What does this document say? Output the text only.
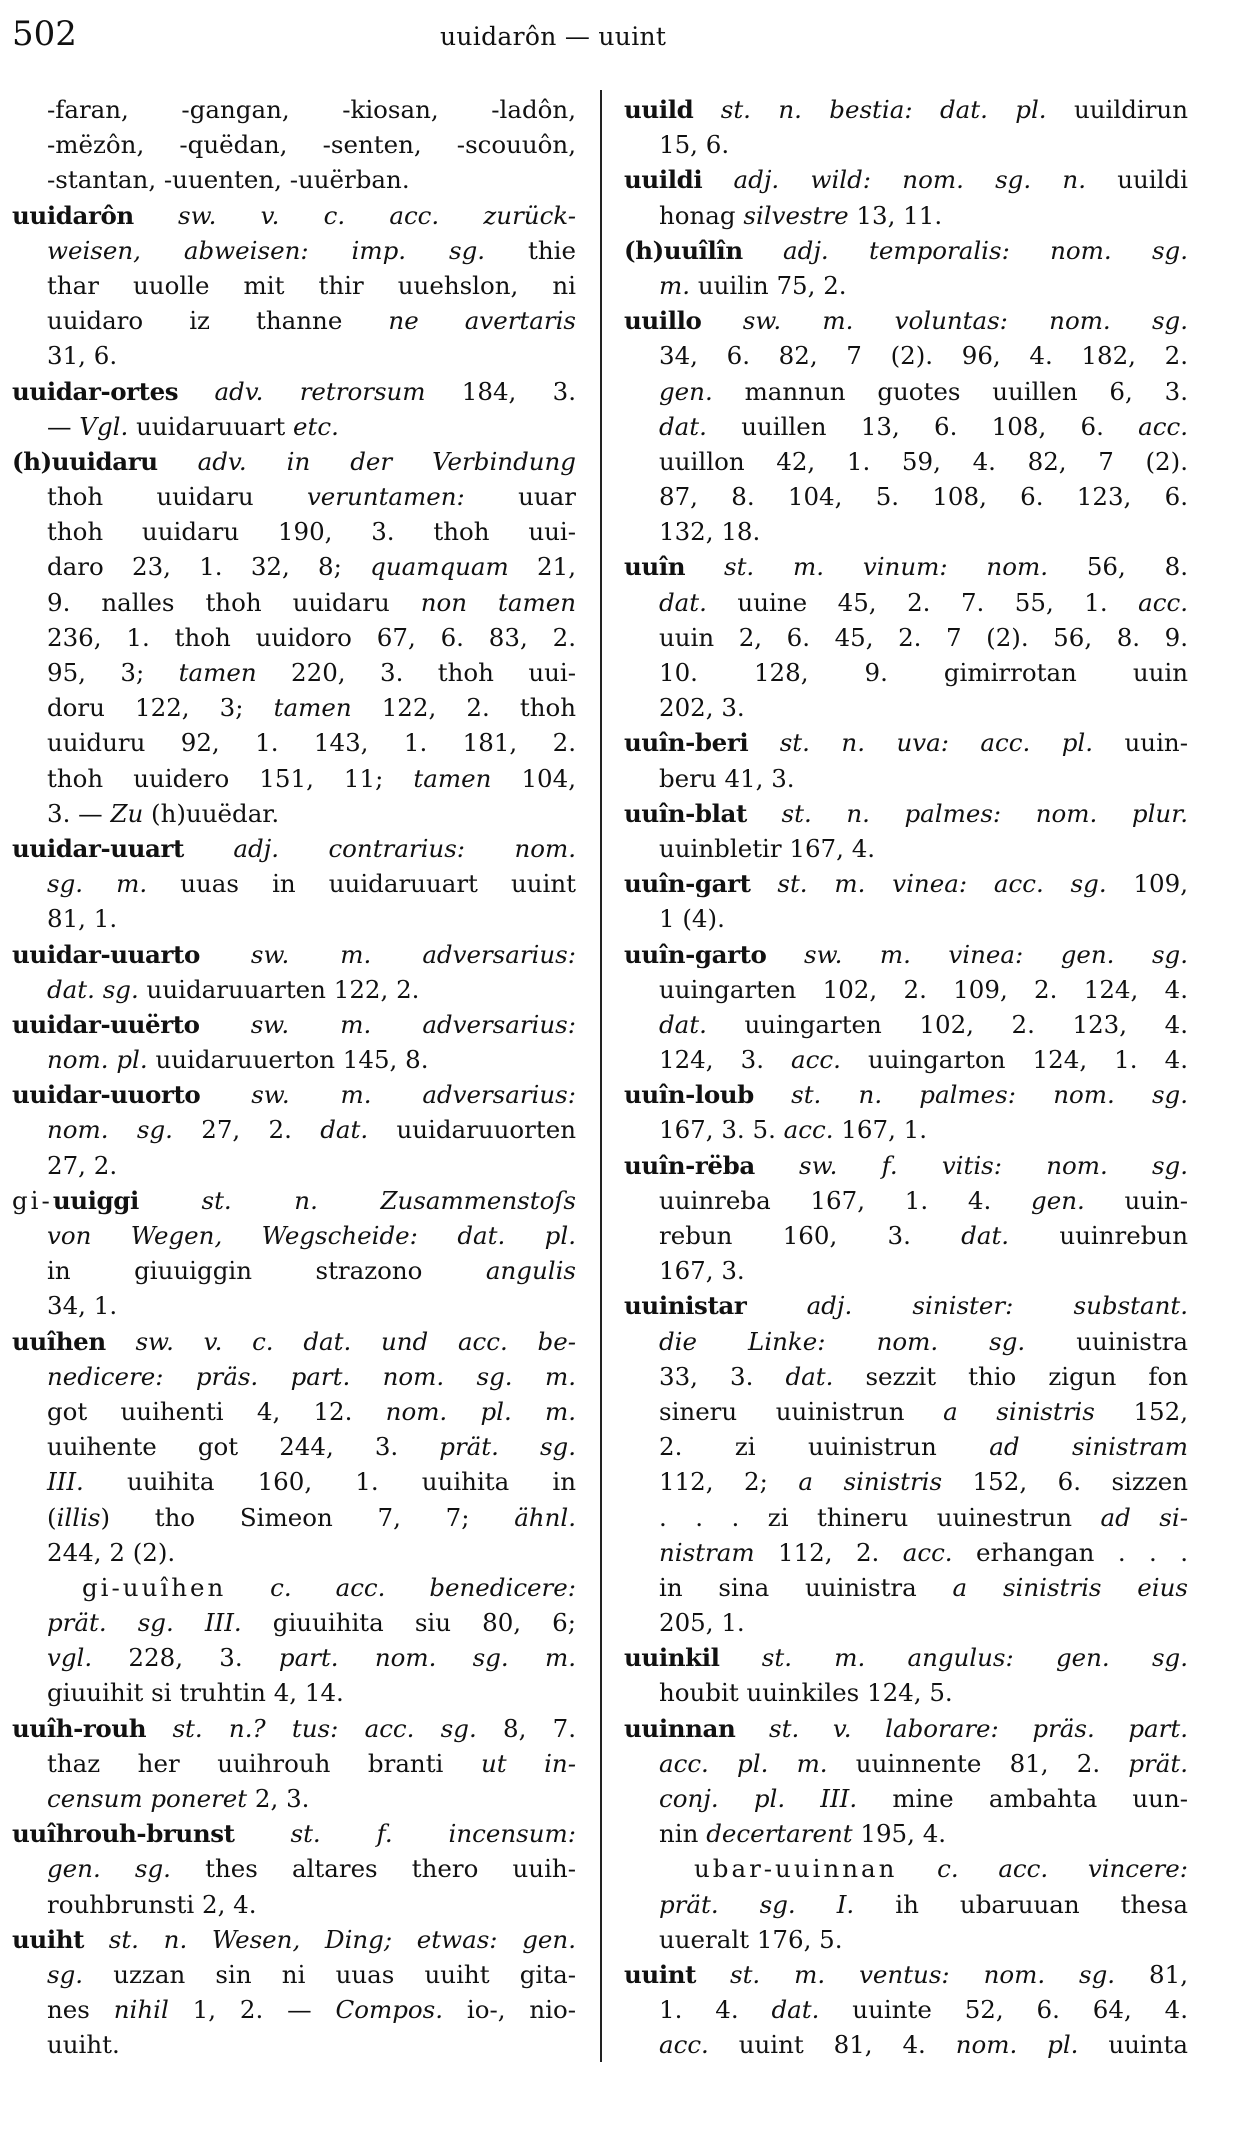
502	uuidarôn — uuint
-faran, -gangan, -kiosan, -ladôn,
-mëzôn, -quëdan, -senten, -scouuôn,
-stantan, -uuenten, -uuërban.
uuidarôn sw. v. c. acc. zurück-
weisen, abweisen: imp. sg. thie
thar uuolle mit thir uuehslon, ni
uuidaro iz thanne ne avertaris
31, 6.
uuidar-ortes adv. retrorsum 184, 3.
— Vgl. uuidaruuart etc.
(h)uuidaru adv. in der Verbindung
thoh uuidaru veruntamen: uuar
thoh uuidaru 190, 3. thoh uui-
daro 23, 1. 32, 8; quamquam 21,
9. nalles thoh uuidaru non tamen
236, 1. thoh uuidoro 67, 6. 83, 2.
95, 3; tamen 220, 3. thoh uui-
doru 122, 3; tamen 122, 2. thoh
uuiduru 92, 1. 143, 1. 181, 2.
thoh uuidero 151, 11; tamen 104,
3. — Zu (h)uuëdar.
uuidar-uuart adj. contrarius: nom.
sg. m. uuas in uuidaruuart uuint
81, 1.
uuidar-uuarto sw. m. adversarius:
dat. sg. uuidaruuarten 122, 2.
uuidar-uuërto sw. m. adversarius:
nom. pl. uuidaruuerton 145, 8.
uuidar-uuorto sw. m. adversarius:
nom. sg. 27, 2. dat. uuidaruuorten
27, 2.
gi-uuiggi	st. n. Zusammenstoſs
von Wegen, Wegscheide: dat. pl.
in giuuiggin strazono angulis
34, 1.
uuîhen sw. v. c. dat. und acc. be-
nedicere: präs. part. nom. sg. m.
got uuihenti 4, 12. nom. pl. m.
uuihente got 244, 3. prät. sg.
III. uuihita 160, 1. uuihita in
(illis) tho Simeon 7, 7; ähnl.
244, 2 (2).
gi-uuîhen c. acc. benedicere:
prät. sg. III. giuuihita siu 80, 6;
vgl. 228, 3. part. nom. sg. m.
giuuihit si truhtin 4, 14.
uuîh-rouh st. n.? tus: acc. sg. 8, 7.
thaz her uuihrouh branti ut in-
censum poneret 2, 3.
uuîhrouh-brunst st. f. incensum:
gen. sg. thes altares thero uuih-
rouhbrunsti 2, 4.
uuiht st. n. Wesen, Ding; etwas: gen.
sg. uzzan sin ni uuas uuiht gita-
nes nihil 1, 2. — Compos. io-, nio-
uuiht.
uuild st. n. bestia: dat. pl. uuildirun
15, 6.
uuildi adj. wild: nom. sg. n. uuildi
honag silvestre 13, 11.
(h)uuîlîn adj. temporalis: nom. sg.
m. uuilin 75, 2.
uuillo sw. m. voluntas: nom. sg.
34, 6. 82, 7 (2). 96, 4. 182, 2.
gen. mannun guotes uuillen 6, 3.
dat. uuillen 13, 6. 108, 6. acc.
uuillon 42, 1. 59, 4. 82, 7 (2).
87, 8. 104, 5. 108, 6. 123, 6.
132, 18.
uuîn st. m. vinum: nom. 56, 8.
dat. uuine 45, 2. 7. 55, 1. acc.
uuin 2, 6. 45, 2. 7 (2). 56, 8. 9.
10. 128, 9. gimirrotan uuin
202, 3.
uuîn-beri st. n. uva: acc. pl. uuin-
beru 41, 3.
uuîn-blat st. n. palmes: nom. plur.
uuinbletir 167, 4.
uuîn-gart st. m. vinea: acc. sg. 109,
1 (4).
uuîn-garto sw. m. vinea: gen. sg.
uuingarten 102, 2. 109, 2. 124, 4.
dat. uuingarten 102, 2. 123, 4.
124, 3. acc. uuingarton 124, 1. 4.
uuîn-loub st. n. palmes: nom. sg.
167, 3. 5. acc. 167, 1.
uuîn-rëba sw. f. vitis: nom. sg.
uuinreba 167, 1. 4. gen. uuin-
rebun 160, 3. dat. uuinrebun
167, 3.
uuinistar adj. sinister: substant.
die Linke: nom. sg. uuinistra
33, 3. dat. sezzit thio zigun fon
sineru uuinistrun a sinistris 152,
2. zi uuinistrun ad sinistram
112, 2; a sinistris 152, 6. sizzen
. . . zi thineru uuinestrun ad si-
nistram 112, 2. acc. erhangan . . .
in sina uuinistra a sinistris eius
205, 1.
uuinkil st. m. angulus: gen. sg.
houbit uuinkiles 124, 5.
uuinnan st. v. laborare: präs. part.
acc. pl. m. uuinnente 81, 2. prät.
conj. pl. III. mine ambahta uun-
nin decertarent 195, 4.
ubar-uuinnan c. acc. vincere:
prät. sg. I. ih ubaruuan thesa
uueralt 176, 5.
uuint st. m. ventus: nom. sg. 81,
1. 4. dat. uuinte 52, 6. 64, 4.
acc. uuint 81, 4. nom. pl. uuinta
